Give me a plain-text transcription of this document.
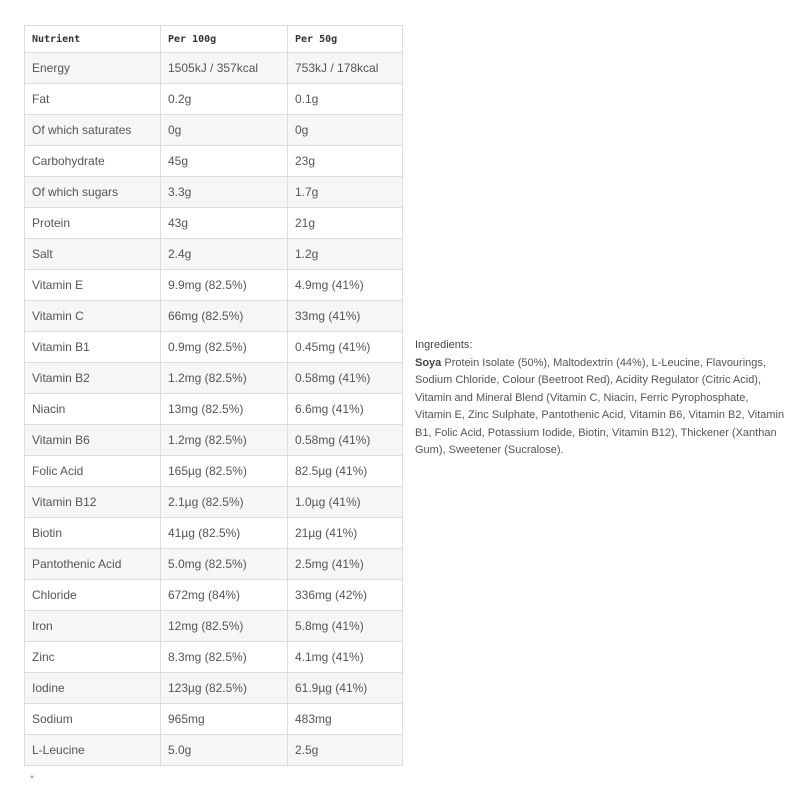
Nutrient	Per 100g	Per 50g
Energy	1505kJ / 357kcal	753kJ / 178kcal
Fat	0.2g	0.1g
Of which saturates	0g	0g
Carbohydrate	45g	23g
Of which sugars	3.3g	1.7g
Protein	43g	21g
Salt	2.4g	1.2g
Vitamin E	9.9mg (82.5%)	4.9mg (41%)
Vitamin C	66mg (82.5%)	33mg (41%)
Vitamin B1	0.9mg (82.5%)	0.45mg (41%)
Vitamin B2	1.2mg (82.5%)	0.58mg (41%)
Niacin	13mg (82.5%)	6.6mg (41%)
Vitamin B6	1.2mg (82.5%)	0.58mg (41%)
Folic Acid	165µg (82.5%)	82.5µg (41%)
Vitamin B12	2.1µg (82.5%)	1.0µg (41%)
Biotin	41µg (82.5%)	21µg (41%)
Pantothenic Acid	5.0mg (82.5%)	2.5mg (41%)
Chloride	672mg (84%)	336mg (42%)
Iron	12mg (82.5%)	5.8mg (41%)
Zinc	8.3mg (82.5%)	4.1mg (41%)
Iodine	123µg (82.5%)	61.9µg (41%)
Sodium	965mg	483mg
L-Leucine	5.0g	2.5g
Ingredients:
Soya Protein Isolate (50%), Maltodextrin (44%), L-Leucine, Flavourings, Sodium Chloride, Colour (Beetroot Red), Acidity Regulator (Citric Acid), Vitamin and Mineral Blend (Vitamin C, Niacin, Ferric Pyrophosphate, Vitamin E, Zinc Sulphate, Pantothenic Acid, Vitamin B6, Vitamin B2, Vitamin B1, Folic Acid, Potassium Iodide, Biotin, Vitamin B12), Thickener (Xanthan Gum), Sweetener (Sucralose).
*
